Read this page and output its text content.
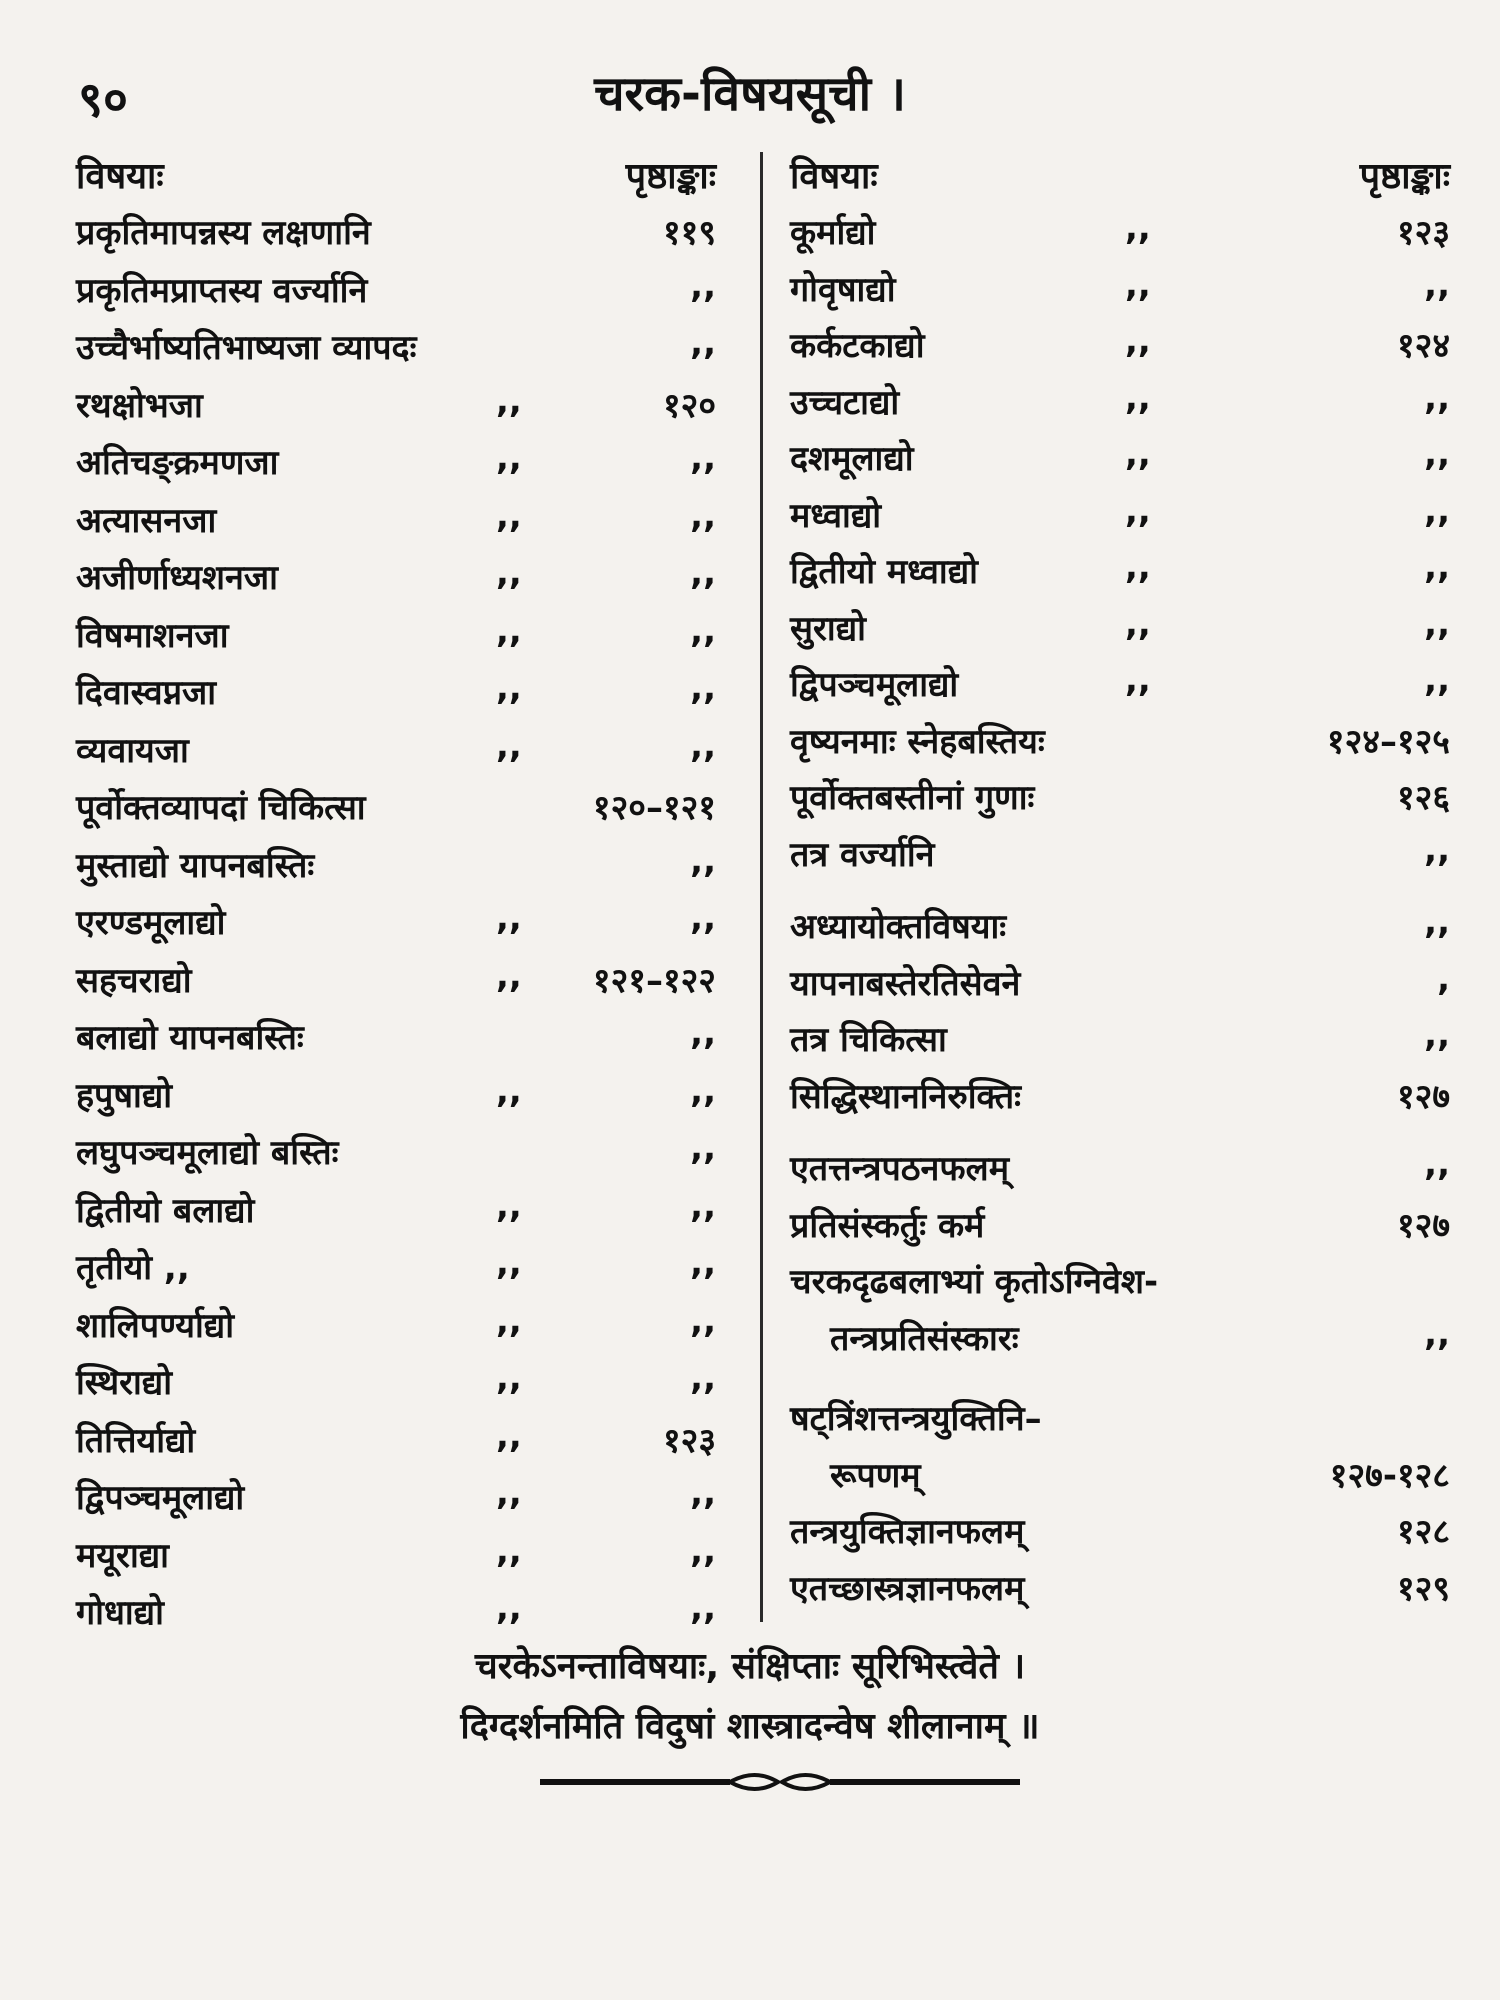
९०	चरक-विषयसूची ।
विषयाः	पृष्ठाङ्काः
प्रकृतिमापन्नस्य लक्षणानि	११९
प्रकृतिमप्राप्तस्य वर्ज्यानि	,,
उच्चैर्भाष्यतिभाष्यजा व्यापदः	,,
रथक्षोभजा	,,	१२०
अतिचङ्क्रमणजा	,,	,,
अत्यासनजा	,,	,,
अजीर्णाध्यशनजा	,,	,,
विषमाशनजा	,,	,,
दिवास्वप्नजा	,,	,,
व्यवायजा	,,	,,
पूर्वोक्तव्यापदां चिकित्सा	१२०–१२१
मुस्ताद्यो यापनबस्तिः	,,
एरण्डमूलाद्यो	,,	,,
सहचराद्यो	,, १२१–१२२
बलाद्यो यापनबस्तिः	,,
हपुषाद्यो	,,	,,
लघुपञ्चमूलाद्यो बस्तिः	,,
द्वितीयो बलाद्यो	,,	,,
तृतीयो ,,	,,	,,
शालिपर्ण्याद्यो	,,	,,
स्थिराद्यो	,,	,,
तित्तिर्याद्यो	,,	१२३
द्विपञ्चमूलाद्यो	,,	,,
मयूराद्या	,,	,,
गोधाद्यो	,,	,,
विषयाः	पृष्ठाङ्काः
कूर्माद्यो	,,	१२३
गोवृषाद्यो	,,	,,
कर्कटकाद्यो	,,	१२४
उच्चटाद्यो	,,	,,
दशमूलाद्यो	,,	,,
मध्वाद्यो	,,	,,
द्वितीयो मध्वाद्यो	,,	,,
सुराद्यो	,,	,,
द्विपञ्चमूलाद्यो	,,	,,
वृष्यनमाः स्नेहबस्तियः	१२४–१२५
पूर्वोक्तबस्तीनां गुणाः	१२६
तत्र वर्ज्यानि	,,
अध्यायोक्तविषयाः	,,
यापनाबस्तेरतिसेवने	,
तत्र चिकित्सा	,,
सिद्धिस्थाननिरुक्तिः	१२७
एतत्तन्त्रपठनफलम्	,,
प्रतिसंस्कर्तुः कर्म	१२७
चरकदृढबलाभ्यां कृतोऽग्निवेश-
तन्त्रप्रतिसंस्कारः	,,
षट्त्रिंशत्तन्त्रयुक्तिनि–
रूपणम्	१२७-१२८
तन्त्रयुक्तिज्ञानफलम्	१२८
एतच्छास्त्रज्ञानफलम्	१२९
चरकेऽनन्ताविषयाः, संक्षिप्ताः सूरिभिस्त्वेते ।
दिग्दर्शनमिति विदुषां शास्त्रादन्वेष शीलानाम् ॥
